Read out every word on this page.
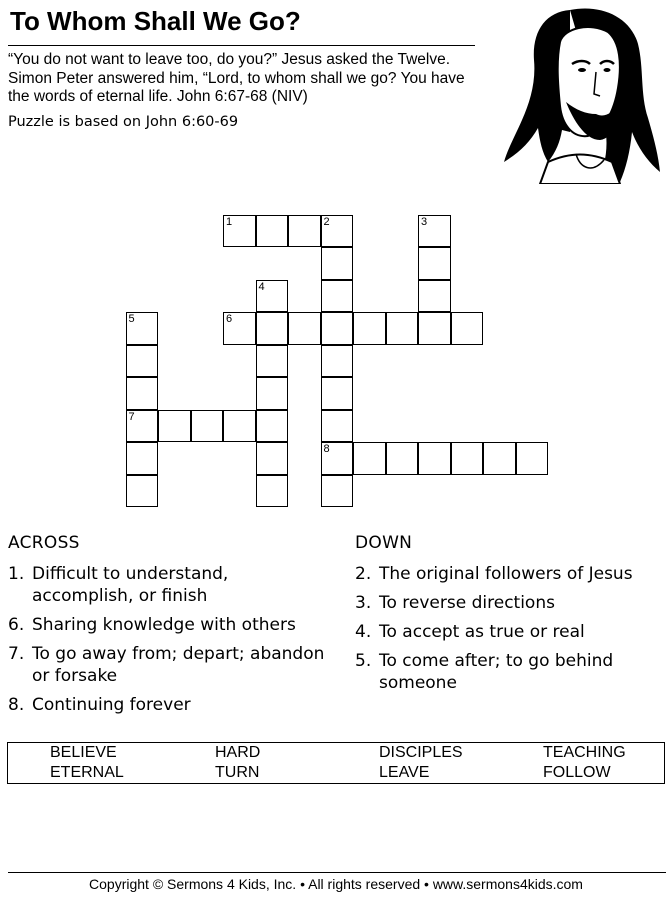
To Whom Shall We Go?
“You do not want to leave too, do you?” Jesus asked the Twelve. Simon Peter answered him, “Lord, to whom shall we go? You have the words of eternal life. John 6:67-68 (NIV)
Puzzle is based on John 6:60-69
1	2
8
3
4
5
7
6
ACROSS
1. Difficult to understand, accomplish, or finish
6. Sharing knowledge with others
7. To go away from; depart; abandon or forsake
8. Continuing forever
DOWN
2. The original followers of Jesus
3. To reverse directions
4. To accept as true or real
5. To come after; to go behind someone
BELIEVE	HARD	DISCIPLES	TEACHING
ETERNAL	TURN	LEAVE	FOLLOW
Copyright © Sermons 4 Kids, Inc. • All rights reserved • www.sermons4kids.com
